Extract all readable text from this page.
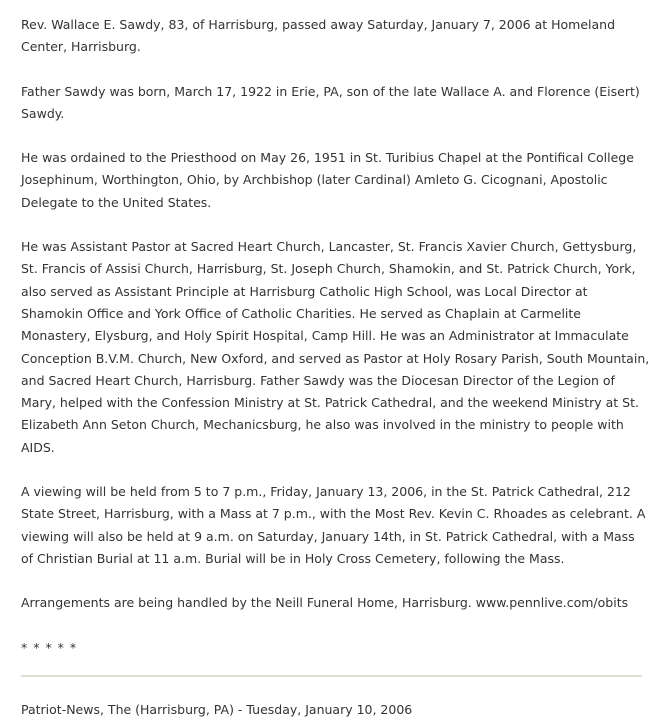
Rev. Wallace E. Sawdy, 83, of Harrisburg, passed away Saturday, January 7, 2006 at Homeland Center, Harrisburg.

Father Sawdy was born, March 17, 1922 in Erie, PA, son of the late Wallace A. and Florence (Eisert) Sawdy.

He was ordained to the Priesthood on May 26, 1951 in St. Turibius Chapel at the Pontifical College Josephinum, Worthington, Ohio, by Archbishop (later Cardinal) Amleto G. Cicognani, Apostolic Delegate to the United States.

He was Assistant Pastor at Sacred Heart Church, Lancaster, St. Francis Xavier Church, Gettysburg, St. Francis of Assisi Church, Harrisburg, St. Joseph Church, Shamokin, and St. Patrick Church, York, also served as Assistant Principle at Harrisburg Catholic High School, was Local Director at Shamokin Office and York Office of Catholic Charities. He served as Chaplain at Carmelite Monastery, Elysburg, and Holy Spirit Hospital, Camp Hill. He was an Administrator at Immaculate Conception B.V.M. Church, New Oxford, and served as Pastor at Holy Rosary Parish, South Mountain, and Sacred Heart Church, Harrisburg. Father Sawdy was the Diocesan Director of the Legion of Mary, helped with the Confession Ministry at St. Patrick Cathedral, and the weekend Ministry at St. Elizabeth Ann Seton Church, Mechanicsburg, he also was involved in the ministry to people with AIDS.

A viewing will be held from 5 to 7 p.m., Friday, January 13, 2006, in the St. Patrick Cathedral, 212 State Street, Harrisburg, with a Mass at 7 p.m., with the Most Rev. Kevin C. Rhoades as celebrant. A viewing will also be held at 9 a.m. on Saturday, January 14th, in St. Patrick Cathedral, with a Mass of Christian Burial at 11 a.m. Burial will be in Holy Cross Cemetery, following the Mass.

Arrangements are being handled by the Neill Funeral Home, Harrisburg. www.pennlive.com/obits

* * * * *

Patriot-News, The (Harrisburg, PA) - Tuesday, January 10, 2006
